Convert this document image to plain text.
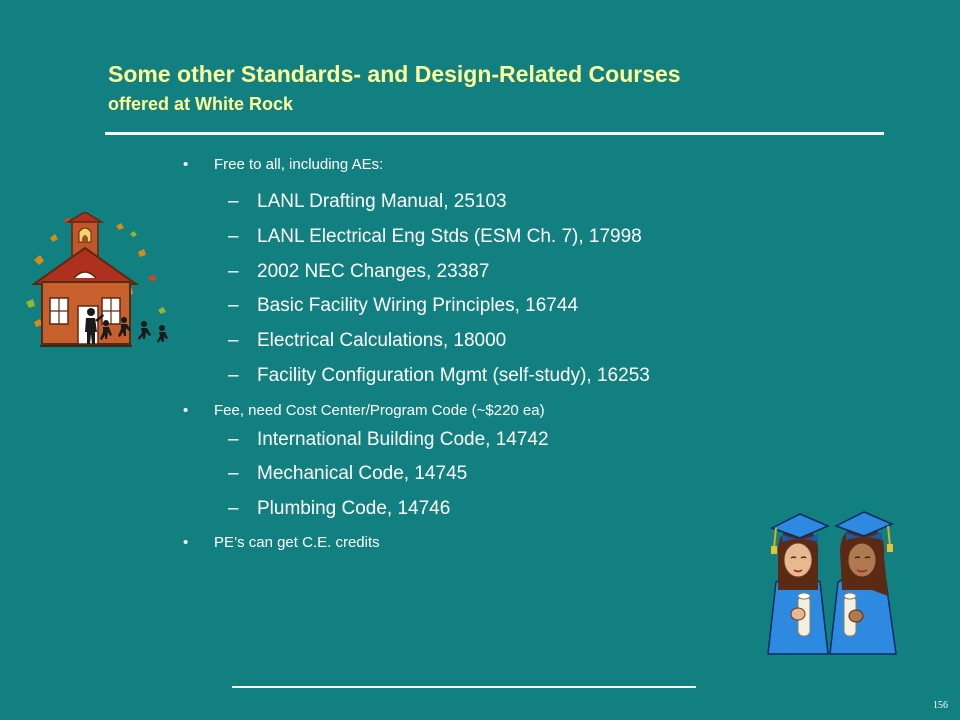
Some other Standards- and Design-Related Courses
offered at White Rock
• Free to all, including AEs:
– LANL Drafting Manual, 25103
– LANL Electrical Eng Stds (ESM Ch. 7), 17998
– 2002 NEC Changes, 23387
– Basic Facility Wiring Principles, 16744
– Electrical Calculations, 18000
– Facility Configuration Mgmt (self-study), 16253
• Fee, need Cost Center/Program Code (~$220 ea)
– International Building Code, 14742
– Mechanical Code, 14745
– Plumbing Code, 14746
• PE’s can get C.E. credits
156
